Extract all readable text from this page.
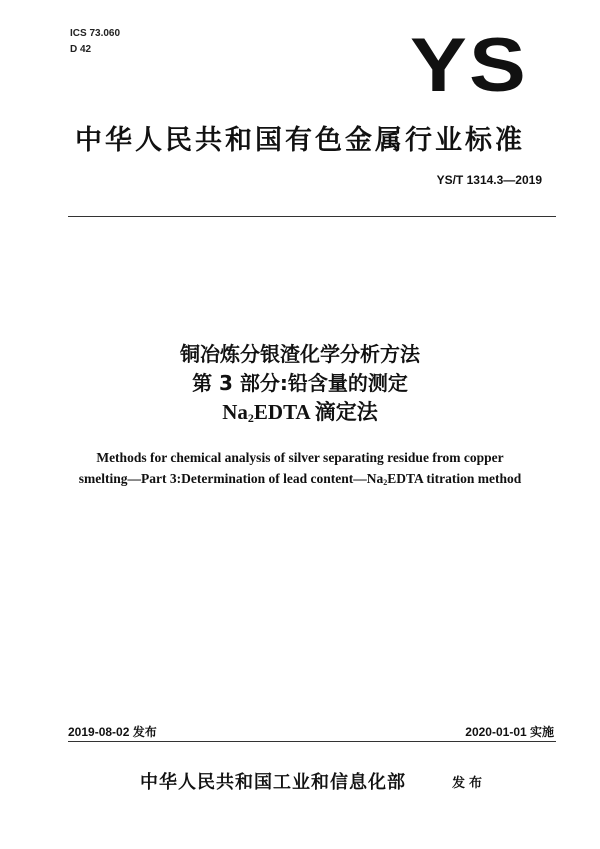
ICS 73.060
D 42	YS
中华人民共和国有色金属行业标准
YS/T 1314.3—2019
铜冶炼分银渣化学分析方法
第 3 部分:铅含量的测定
$Na_2EDTA$ 滴定法
Methods for chemical analysis of silver separating residue from copper
smelting—Part 3:Determination of lead $content—Na_2EDTA$ titration method
2019-08-02 发布	2020-01-01 实施
中华人民共和国工业和信息化部	发布
